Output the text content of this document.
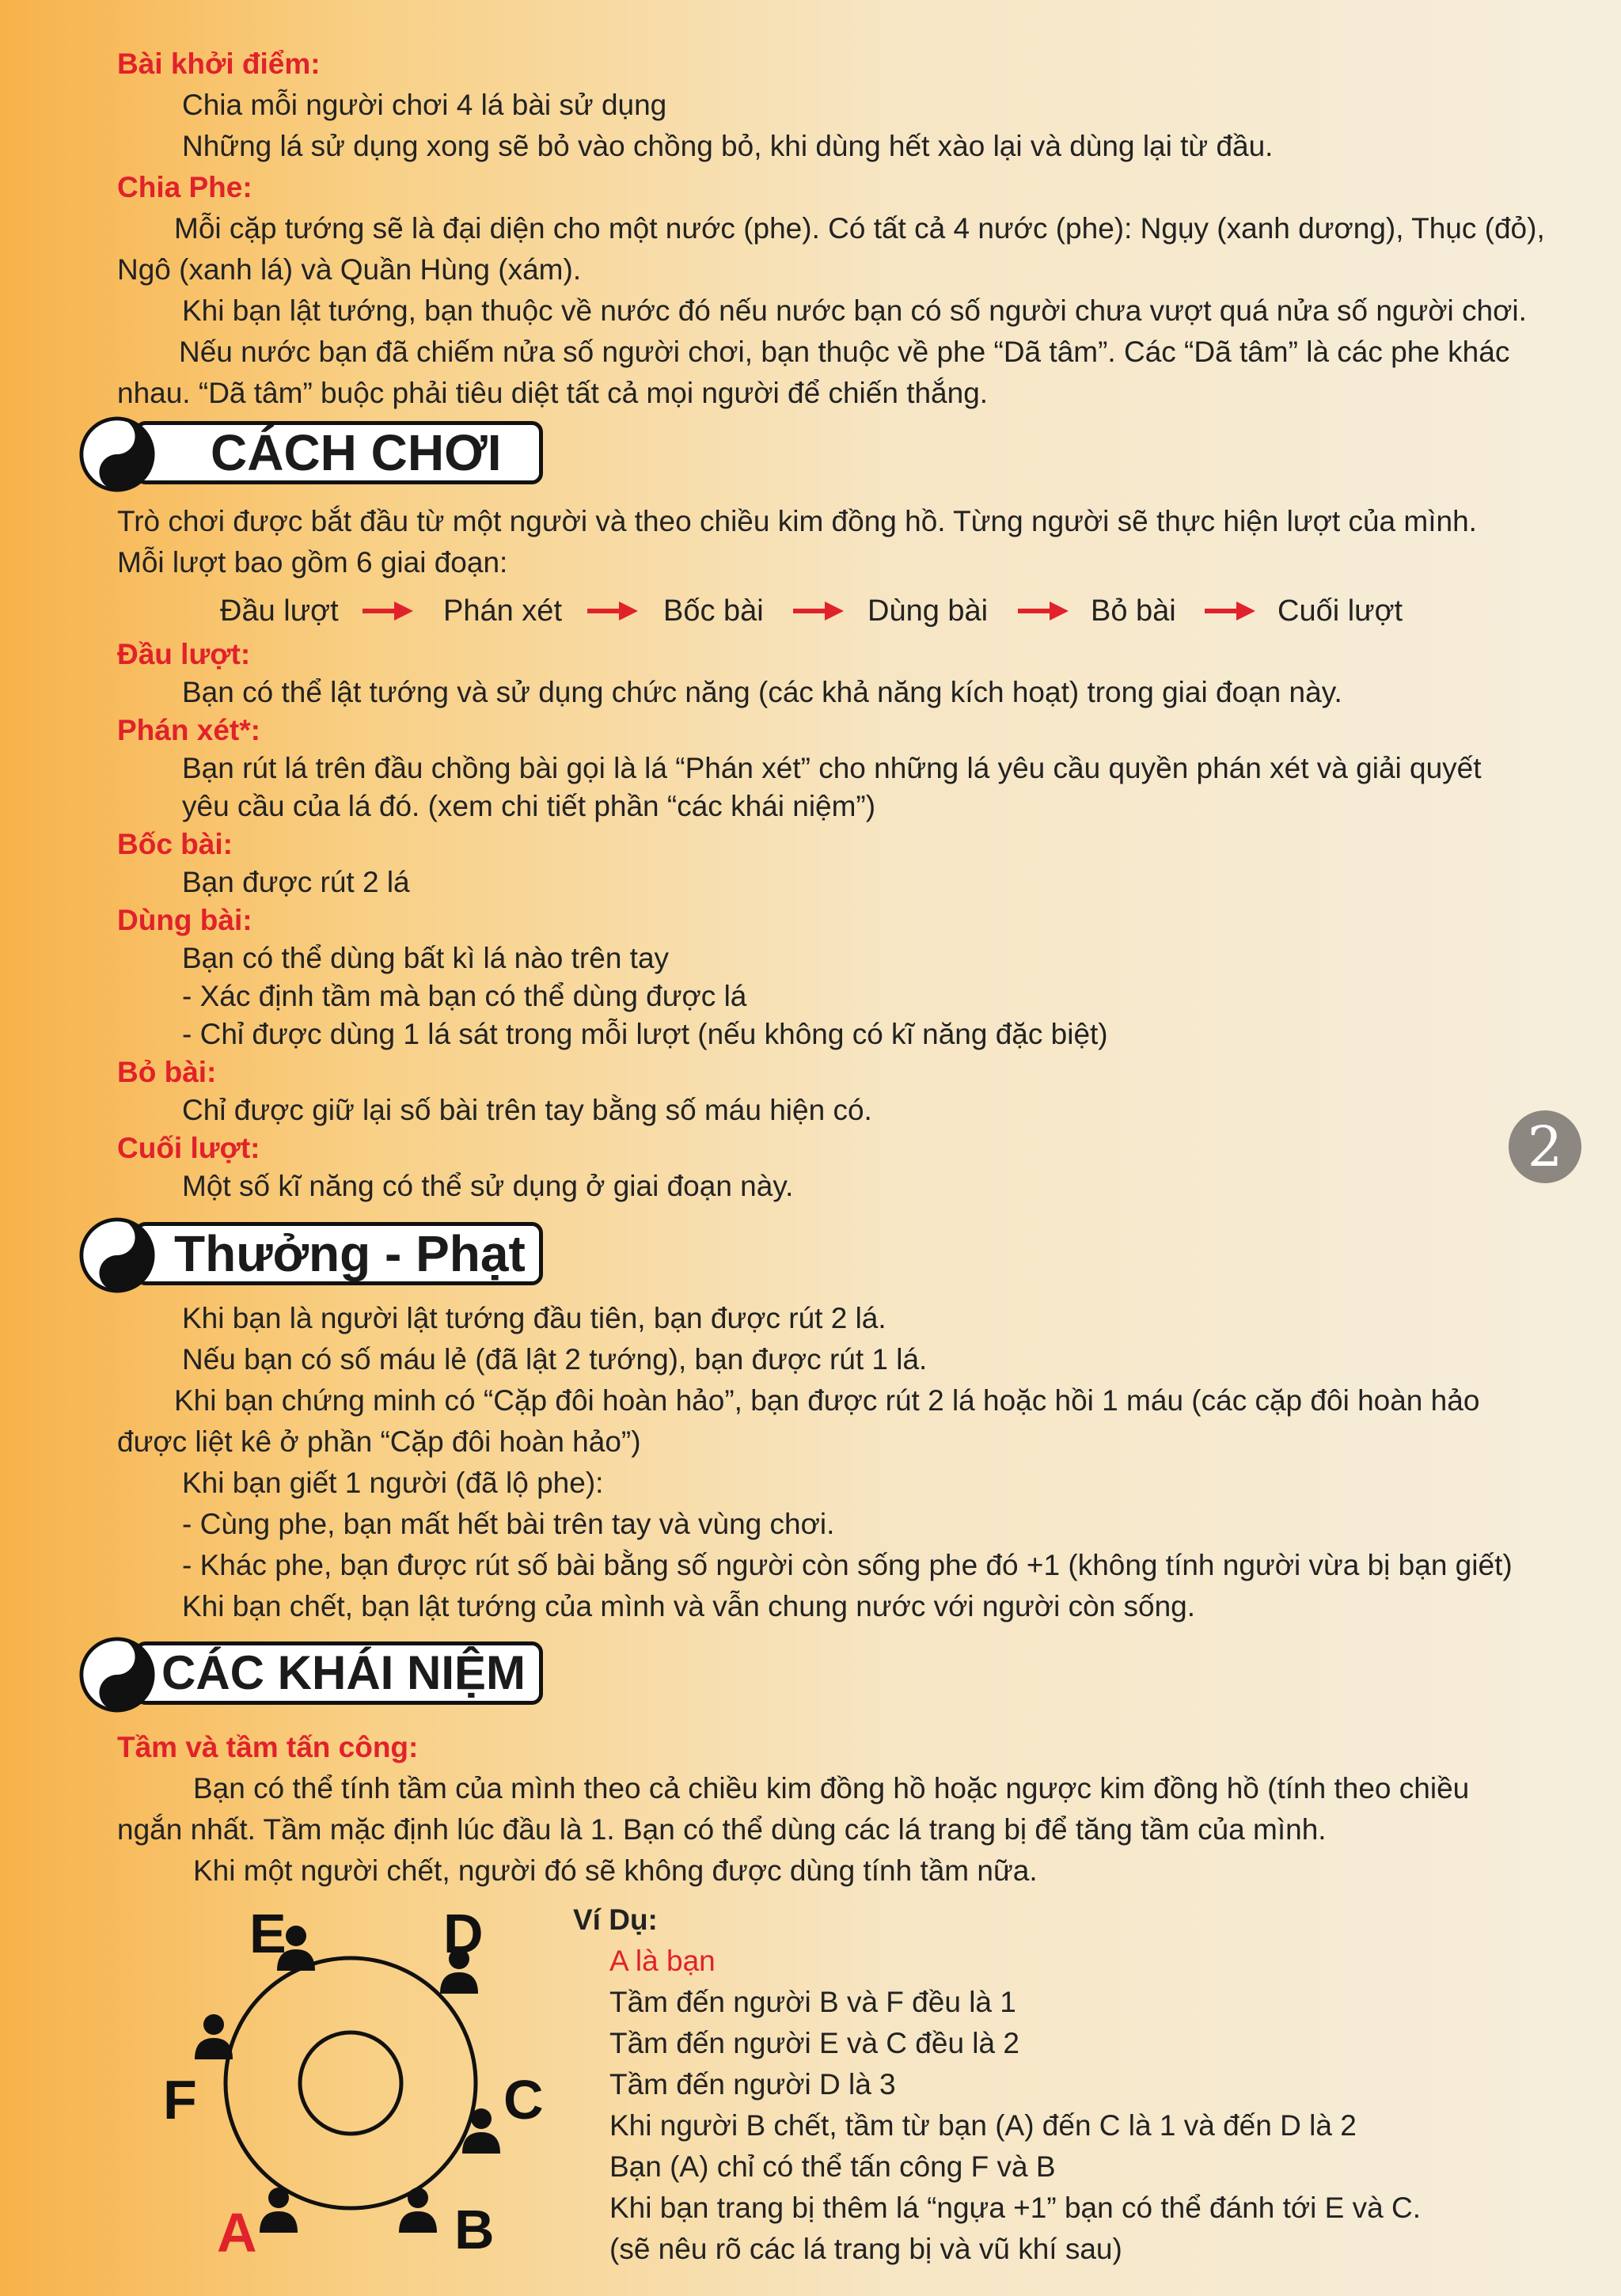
Bài khởi điểm:

Chia mỗi người chơi 4 lá bài sử dụng

Những lá sử dụng xong sẽ bỏ vào chồng bỏ, khi dùng hết xào lại và dùng lại từ đầu.

Chia Phe:

Mỗi cặp tướng sẽ là đại diện cho một nước (phe). Có tất cả 4 nước (phe): Ngụy (xanh dương), Thục (đỏ),

Ngô (xanh lá) và Quần Hùng (xám).

Khi bạn lật tướng, bạn thuộc về nước đó nếu nước bạn có số người chưa vượt quá nửa số người chơi.

Nếu nước bạn đã chiếm nửa số người chơi, bạn thuộc về phe “Dã tâm”. Các “Dã tâm” là các phe khác

nhau. “Dã tâm” buộc phải tiêu diệt tất cả mọi người để chiến thắng.

CÁCH CHƠI

Trò chơi được bắt đầu từ một người và theo chiều kim đồng hồ. Từng người sẽ thực hiện lượt của mình.

Mỗi lượt bao gồm 6 giai đoạn:

Đầu lượt	Phán xét	Bốc bài	Dùng bài	Bỏ bài	Cuối lượt

Đầu lượt:

Bạn có thể lật tướng và sử dụng chức năng (các khả năng kích hoạt) trong giai đoạn này.

Phán xét*:

Bạn rút lá trên đầu chồng bài gọi là lá “Phán xét” cho những lá yêu cầu quyền phán xét và giải quyết

yêu cầu của lá đó. (xem chi tiết phần “các khái niệm”)

Bốc bài:

Bạn được rút 2 lá

Dùng bài:

Bạn có thể dùng bất kì lá nào trên tay

- Xác định tầm mà bạn có thể dùng được lá

- Chỉ được dùng 1 lá sát trong mỗi lượt (nếu không có kĩ năng đặc biệt)

Bỏ bài:

Chỉ được giữ lại số bài trên tay bằng số máu hiện có.

Cuối lượt:

Một số kĩ năng có thể sử dụng ở giai đoạn này.

2
Thưởng - Phạt

Khi bạn là người lật tướng đầu tiên, bạn được rút 2 lá.

Nếu bạn có số máu lẻ (đã lật 2 tướng), bạn được rút 1 lá.

Khi bạn chứng minh có “Cặp đôi hoàn hảo”, bạn được rút 2 lá hoặc hồi 1 máu (các cặp đôi hoàn hảo

được liệt kê ở phần “Cặp đôi hoàn hảo”)

Khi bạn giết 1 người (đã lộ phe):

- Cùng phe, bạn mất hết bài trên tay và vùng chơi.

- Khác phe, bạn được rút số bài bằng số người còn sống phe đó +1 (không tính người vừa bị bạn giết)

Khi bạn chết, bạn lật tướng của mình và vẫn chung nước với người còn sống.

CÁC KHÁI NIỆM

Tầm và tầm tấn công:

Bạn có thể tính tầm của mình theo cả chiều kim đồng hồ hoặc ngược kim đồng hồ (tính theo chiều

ngắn nhất. Tầm mặc định lúc đầu là 1. Bạn có thể dùng các lá trang bị để tăng tầm của mình.

Khi một người chết, người đó sẽ không được dùng tính tầm nữa.

E	D
F	C
A	B
Ví Dụ:
A là bạn
Tầm đến người B và F đều là 1
Tầm đến người E và C đều là 2
Tầm đến người D là 3
Khi người B chết, tầm từ bạn (A) đến C là 1 và đến D là 2
Bạn (A) chỉ có thể tấn công F và B
Khi bạn trang bị thêm lá “ngựa +1” bạn có thể đánh tới E và C.
(sẽ nêu rõ các lá trang bị và vũ khí sau)
